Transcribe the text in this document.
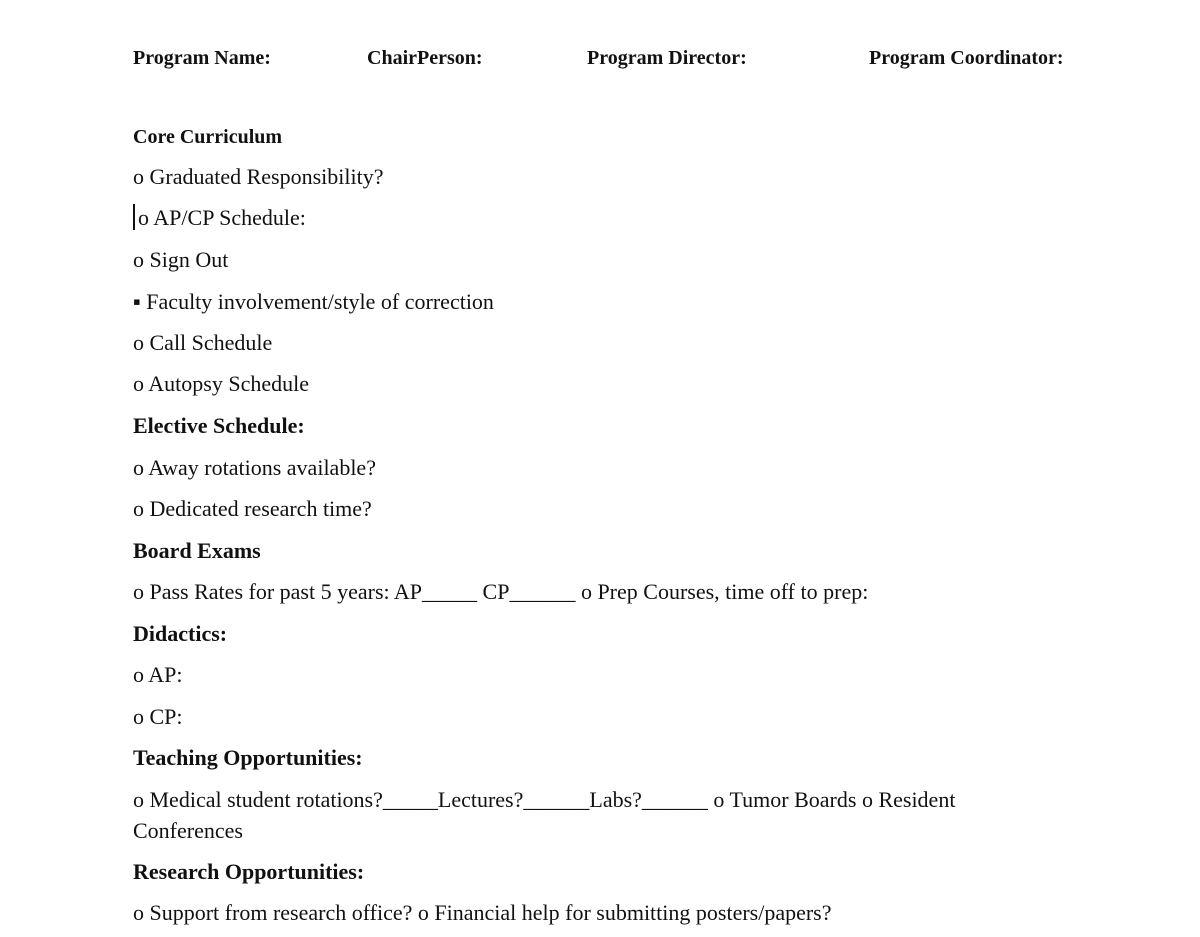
Program Name:	ChairPerson:	Program Director:	Program Coordinator:
Core Curriculum
o Graduated Responsibility?
o AP/CP Schedule:
o Sign Out
▪ Faculty involvement/style of correction
o Call Schedule
o Autopsy Schedule
Elective Schedule:
o Away rotations available?
o Dedicated research time?
Board Exams
o Pass Rates for past 5 years: AP_____ CP______ o Prep Courses, time off to prep:
Didactics:
o AP:
o CP:
Teaching Opportunities:
o Medical student rotations?_____Lectures?______Labs?______ o Tumor Boards o Resident Conferences
Research Opportunities:
o Support from research office? o Financial help for submitting posters/papers?
